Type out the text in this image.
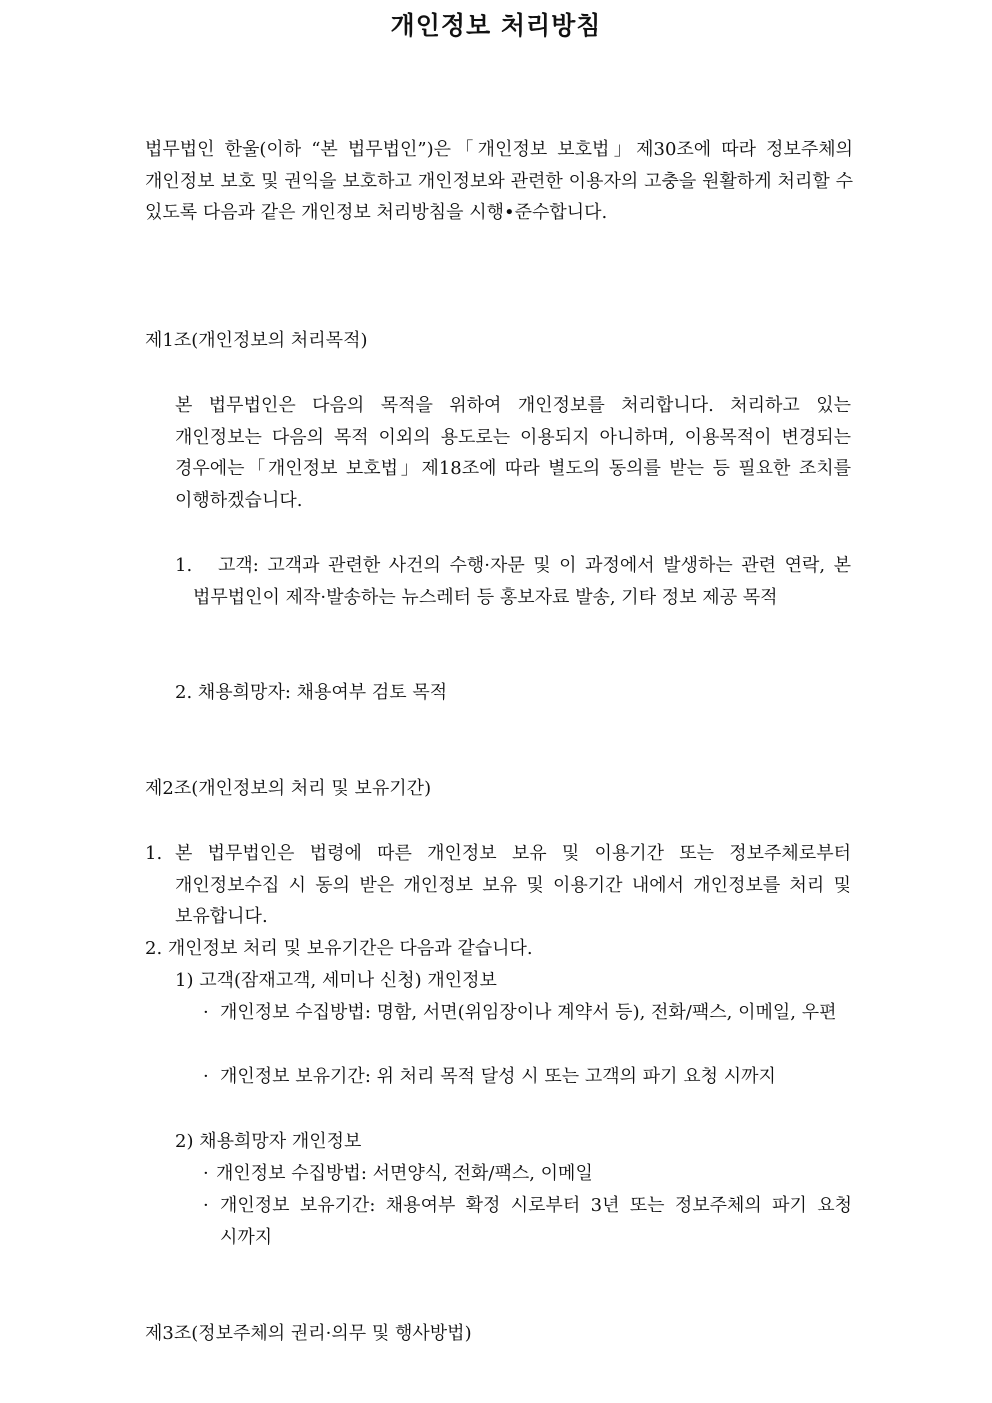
개인정보 처리방침
법무법인 한울(이하 “본 법무법인”)은「개인정보 보호법」제30조에 따라 정보주체의 개인정보 보호 및 권익을 보호하고 개인정보와 관련한 이용자의 고충을 원활하게 처리할 수 있도록 다음과 같은 개인정보 처리방침을 시행•준수합니다.
제1조(개인정보의 처리목적)
본 법무법인은 다음의 목적을 위하여 개인정보를 처리합니다. 처리하고 있는 개인정보는 다음의 목적 이외의 용도로는 이용되지 아니하며, 이용목적이 변경되는 경우에는「개인정보 보호법」제18조에 따라 별도의 동의를 받는 등 필요한 조치를 이행하겠습니다.
1.	고객: 고객과 관련한 사건의 수행·자문 및 이 과정에서 발생하는 관련 연락, 본 법무법인이 제작·발송하는 뉴스레터 등 홍보자료 발송, 기타 정보 제공 목적
2. 채용희망자: 채용여부 검토 목적
제2조(개인정보의 처리 및 보유기간)
1. 본 법무법인은 법령에 따른 개인정보 보유 및 이용기간 또는 정보주체로부터 개인정보수집 시 동의 받은 개인정보 보유 및 이용기간 내에서 개인정보를 처리 및 보유합니다.
2. 개인정보 처리 및 보유기간은 다음과 같습니다.
1) 고객(잠재고객, 세미나 신청) 개인정보
· 개인정보 수집방법: 명함, 서면(위임장이나 계약서 등), 전화/팩스, 이메일, 우편
· 개인정보 보유기간: 위 처리 목적 달성 시 또는 고객의 파기 요청 시까지
2) 채용희망자 개인정보
· 개인정보 수집방법: 서면양식, 전화/팩스, 이메일
· 개인정보 보유기간: 채용여부 확정 시로부터 3년 또는 정보주체의 파기 요청 시까지
제3조(정보주체의 권리·의무 및 행사방법)
